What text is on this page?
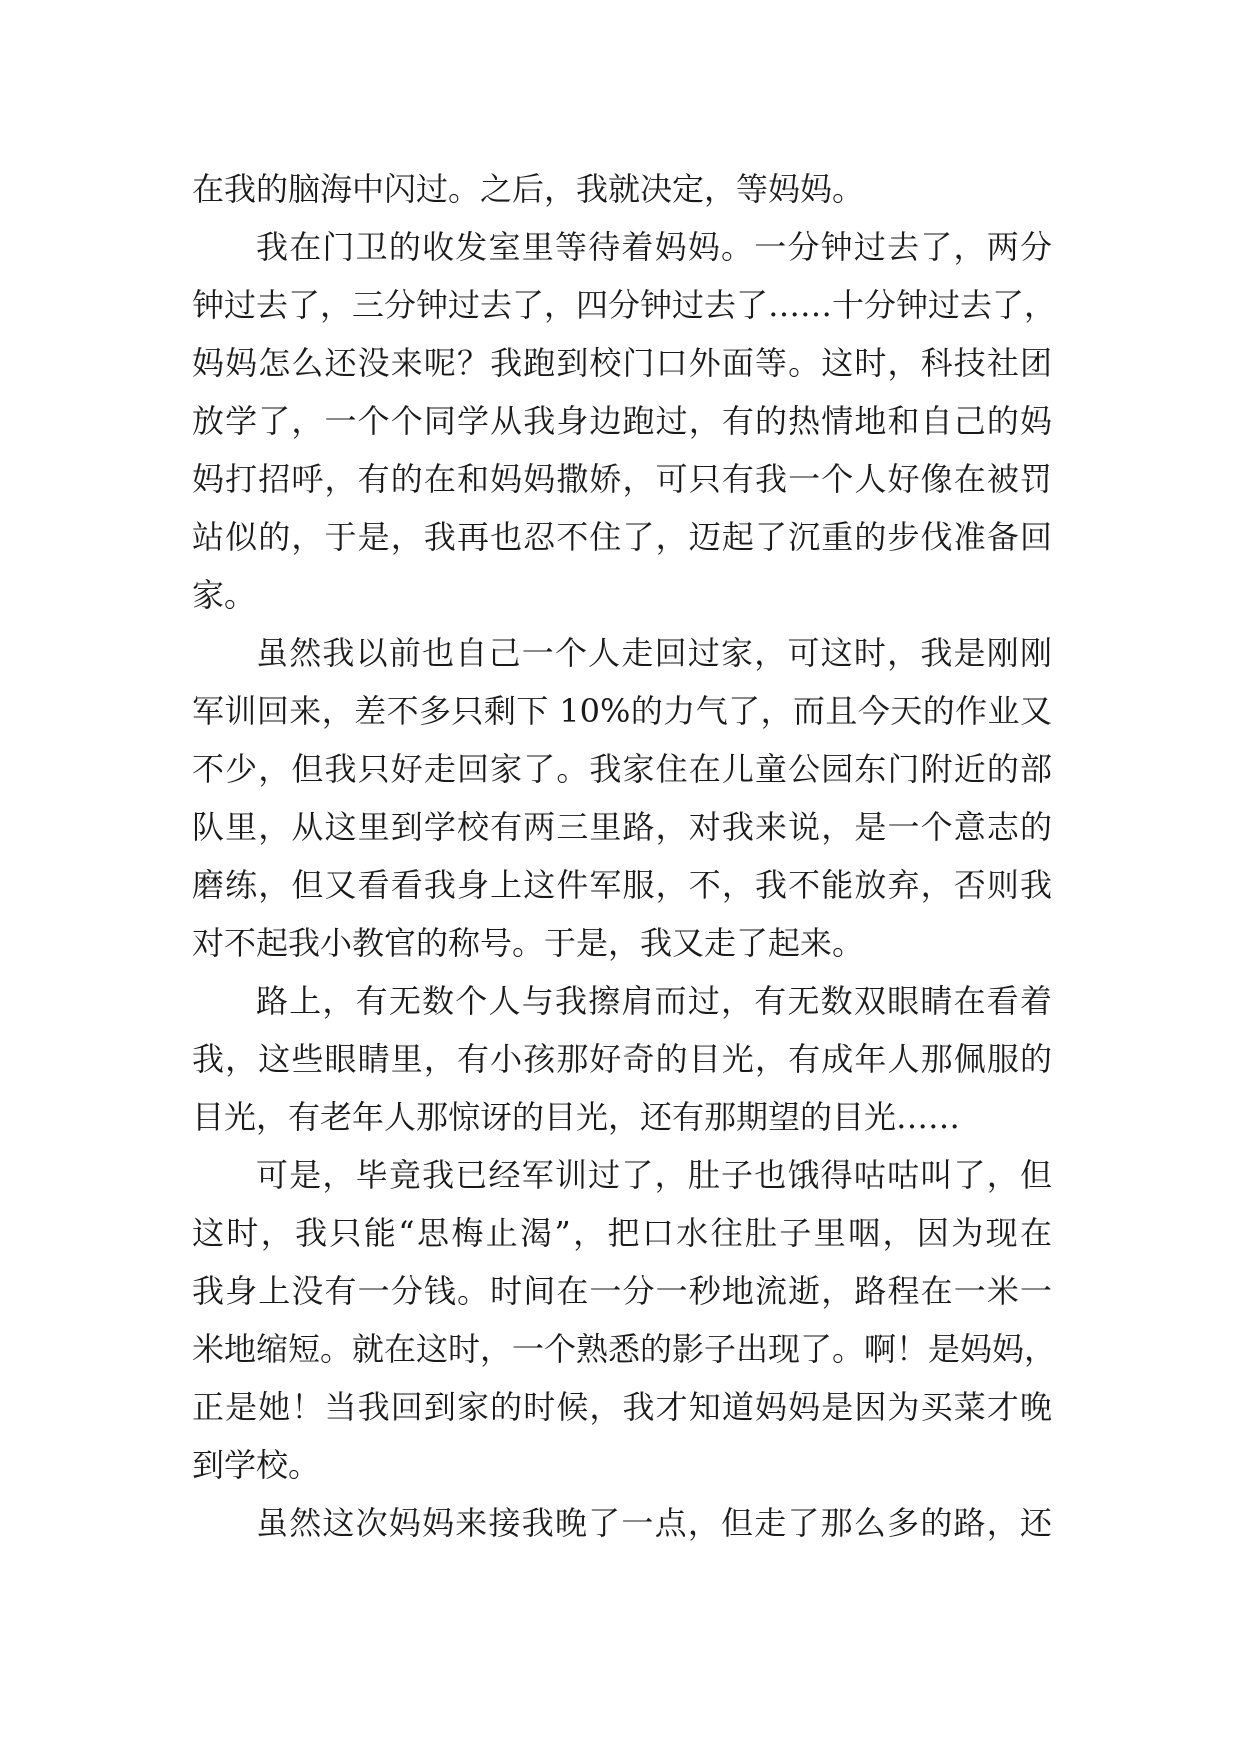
在我的脑海中闪过。之后，我就决定，等妈妈。
我在门卫的收发室里等待着妈妈。一分钟过去了，两分
钟过去了，三分钟过去了，四分钟过去了……十分钟过去了，
妈妈怎么还没来呢？我跑到校门口外面等。这时，科技社团
放学了，一个个同学从我身边跑过，有的热情地和自己的妈
妈打招呼，有的在和妈妈撒娇，可只有我一个人好像在被罚
站似的，于是，我再也忍不住了，迈起了沉重的步伐准备回
家。
虽然我以前也自己一个人走回过家，可这时，我是刚刚
军训回来，差不多只剩下 10%的力气了，而且今天的作业又
不少，但我只好走回家了。我家住在儿童公园东门附近的部
队里，从这里到学校有两三里路，对我来说，是一个意志的
磨练，但又看看我身上这件军服，不，我不能放弃，否则我
对不起我小教官的称号。于是，我又走了起来。
路上，有无数个人与我擦肩而过，有无数双眼睛在看着
我，这些眼睛里，有小孩那好奇的目光，有成年人那佩服的
目光，有老年人那惊讶的目光，还有那期望的目光……
可是，毕竟我已经军训过了，肚子也饿得咕咕叫了，但
这时，我只能“思梅止渴”，把口水往肚子里咽，因为现在
我身上没有一分钱。时间在一分一秒地流逝，路程在一米一
米地缩短。就在这时，一个熟悉的影子出现了。啊！是妈妈，
正是她！当我回到家的时候，我才知道妈妈是因为买菜才晚
到学校。
虽然这次妈妈来接我晚了一点，但走了那么多的路，还
